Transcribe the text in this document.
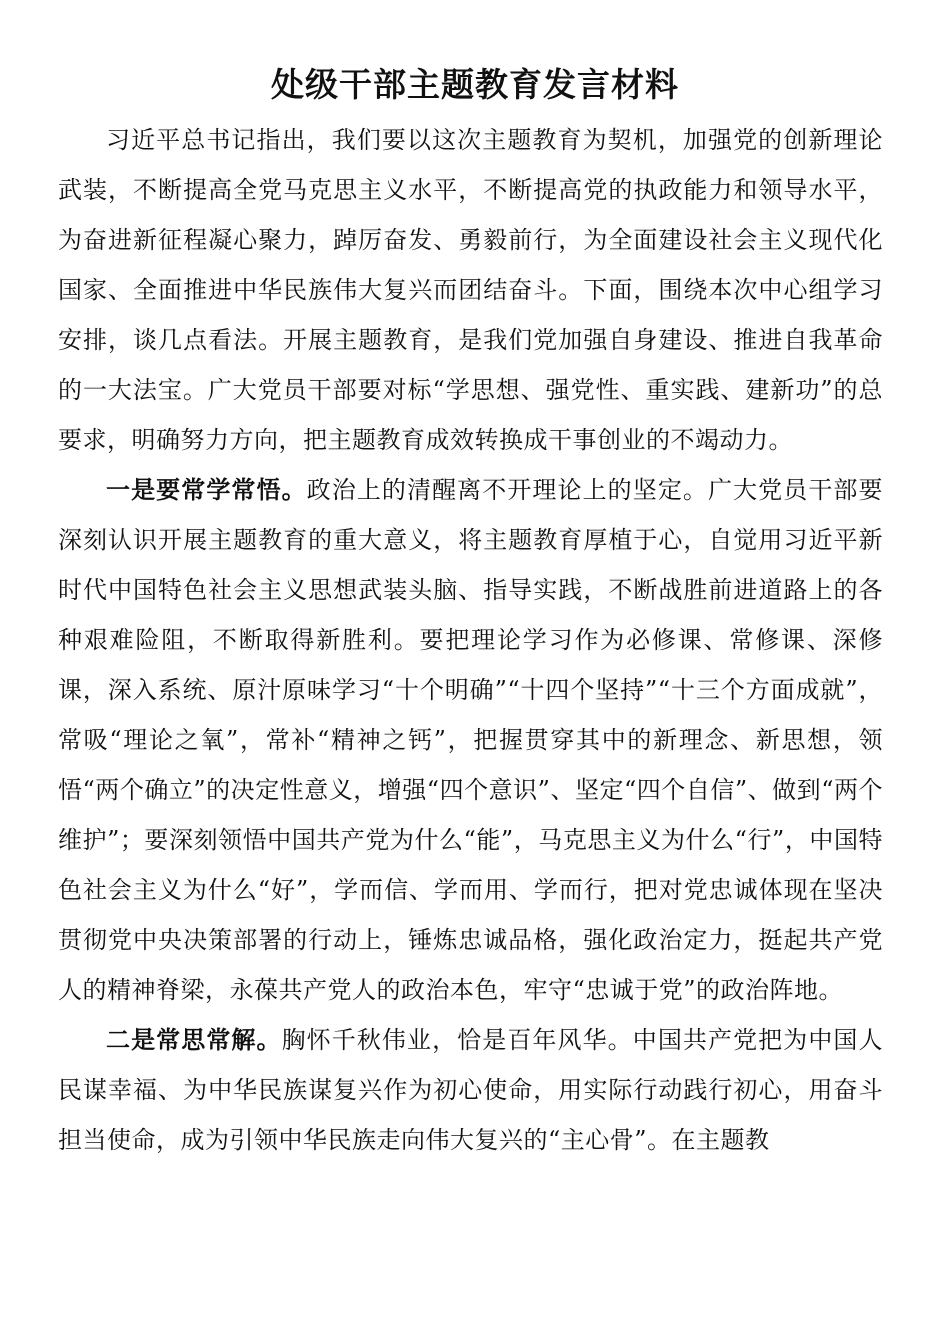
处级干部主题教育发言材料

习近平总书记指出，我们要以这次主题教育为契机，加强党的创新理论武装，不断提高全党马克思主义水平，不断提高党的执政能力和领导水平，为奋进新征程凝心聚力，踔厉奋发、勇毅前行，为全面建设社会主义现代化国家、全面推进中华民族伟大复兴而团结奋斗。下面，围绕本次中心组学习安排，谈几点看法。开展主题教育，是我们党加强自身建设、推进自我革命的一大法宝。广大党员干部要对标“学思想、强党性、重实践、建新功”的总要求，明确努力方向，把主题教育成效转换成干事创业的不竭动力。

一是要常学常悟。政治上的清醒离不开理论上的坚定。广大党员干部要深刻认识开展主题教育的重大意义，将主题教育厚植于心，自觉用习近平新时代中国特色社会主义思想武装头脑、指导实践，不断战胜前进道路上的各种艰难险阻，不断取得新胜利。要把理论学习作为必修课、常修课、深修课，深入系统、原汁原味学习“十个明确”“十四个坚持”“十三个方面成就”，常吸“理论之氧”，常补“精神之钙”，把握贯穿其中的新理念、新思想，领悟“两个确立”的决定性意义，增强“四个意识”、坚定“四个自信”、做到“两个维护”；要深刻领悟中国共产党为什么“能”，马克思主义为什么“行”，中国特色社会主义为什么“好”，学而信、学而用、学而行，把对党忠诚体现在坚决贯彻党中央决策部署的行动上，锤炼忠诚品格，强化政治定力，挺起共产党人的精神脊梁，永葆共产党人的政治本色，牢守“忠诚于党”的政治阵地。

二是常思常解。胸怀千秋伟业，恰是百年风华。中国共产党把为中国人民谋幸福、为中华民族谋复兴作为初心使命，用实际行动践行初心，用奋斗担当使命，成为引领中华民族走向伟大复兴的“主心骨”。在主题教
